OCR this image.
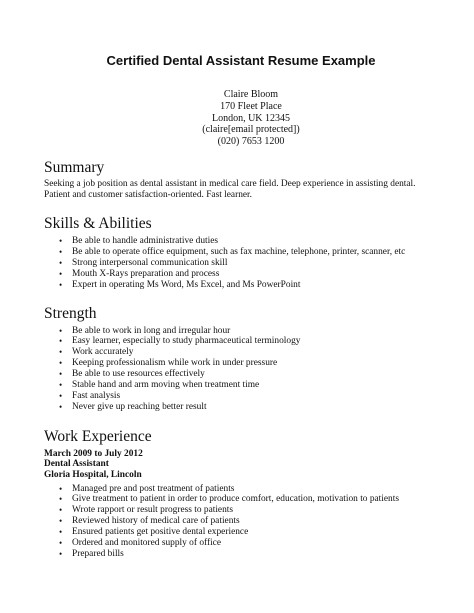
Certified Dental Assistant Resume Example
Claire Bloom
170 Fleet Place
London, UK 12345
(claire[email protected])
(020) 7653 1200
Summary

Seeking a job position as dental assistant in medical care field. Deep experience in assisting dental. Patient and customer satisfaction-oriented. Fast learner.

Skills & Abilities
• Be able to handle administrative duties
• Be able to operate office equipment, such as fax machine, telephone, printer, scanner, etc
• Strong interpersonal communication skill
• Mouth X-Rays preparation and process
• Expert in operating Ms Word, Ms Excel, and Ms PowerPoint
Strength
• Be able to work in long and irregular hour
• Easy learner, especially to study pharmaceutical terminology
• Work accurately
• Keeping professionalism while work in under pressure
• Be able to use resources effectively
• Stable hand and arm moving when treatment time
• Fast analysis
• Never give up reaching better result
Work Experience
March 2009 to July 2012
Dental Assistant
Gloria Hospital, Lincoln
• Managed pre and post treatment of patients
• Give treatment to patient in order to produce comfort, education, motivation to patients
• Wrote rapport or result progress to patients
• Reviewed history of medical care of patients
• Ensured patients get positive dental experience
• Ordered and monitored supply of office
• Prepared bills
